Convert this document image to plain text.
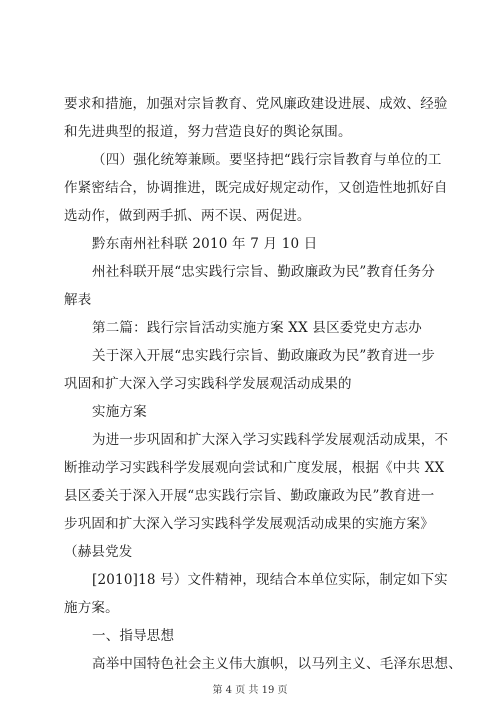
要求和措施，加强对宗旨教育、党风廉政建设进展、成效、经验
和先进典型的报道，努力营造良好的舆论氛围。
（四）强化统筹兼顾。要坚持把“践行宗旨教育与单位的工
作紧密结合，协调推进，既完成好规定动作，又创造性地抓好自
选动作，做到两手抓、两不误、两促进。
黔东南州社科联 2010 年 7 月 10 日
州社科联开展“忠实践行宗旨、勤政廉政为民”教育任务分
解表
第二篇：践行宗旨活动实施方案 XX 县区委党史方志办
关于深入开展“忠实践行宗旨、勤政廉政为民”教育进一步
巩固和扩大深入学习实践科学发展观活动成果的
实施方案
为进一步巩固和扩大深入学习实践科学发展观活动成果，不
断推动学习实践科学发展观向尝试和广度发展，根据《中共 XX
县区委关于深入开展“忠实践行宗旨、勤政廉政为民”教育进一
步巩固和扩大深入学习实践科学发展观活动成果的实施方案》
（赫县党发
[2010]18 号）文件精神，现结合本单位实际，制定如下实
施方案。
一、指导思想
高举中国特色社会主义伟大旗帜，以马列主义、毛泽东思想、
第 4 页 共 19 页
